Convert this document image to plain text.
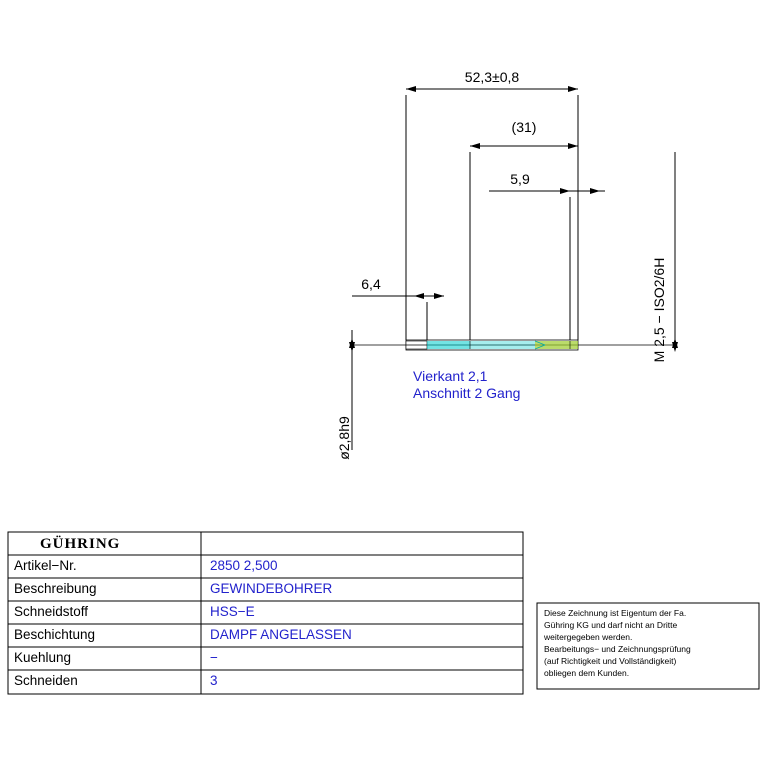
52,3±0,8
(31)
5,9
6,4
ø2,8h9
M 2,5 − ISO2/6H
Vierkant 2,1
Anschnitt 2 Gang
GÜHRING
Artikel−Nr.
Beschreibung
Schneidstoff
Beschichtung
Kuehlung
Schneiden
2850 2,500
GEWINDEBOHRER
HSS−E
DAMPF ANGELASSEN
−
3
Diese Zeichnung ist Eigentum der Fa.
Gühring KG und darf nicht an Dritte
weitergegeben werden.
Bearbeitungs− und Zeichnungsprüfung
(auf Richtigkeit und Vollständigkeit)
obliegen dem Kunden.
